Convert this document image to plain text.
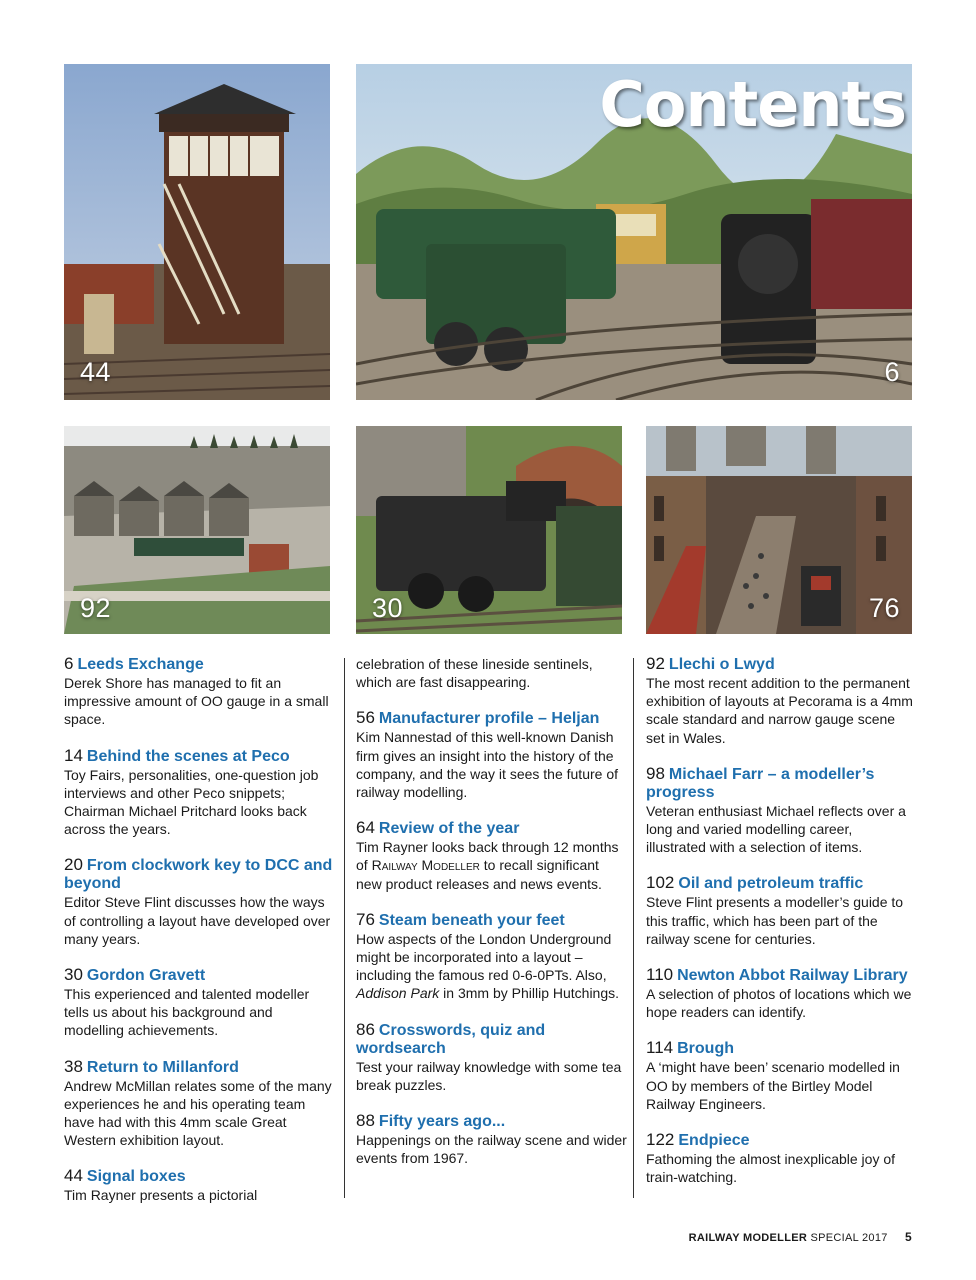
44	6
Contents
92	30	76
6 Leeds Exchange
Derek Shore has managed to fit an impressive amount of OO gauge in a small space.
14 Behind the scenes at Peco
Toy Fairs, personalities, one-question job interviews and other Peco snippets; Chairman Michael Pritchard looks back across the years.
20 From clockwork key to DCC and beyond
Editor Steve Flint discusses how the ways of controlling a layout have developed over many years.
30 Gordon Gravett
This experienced and talented modeller tells us about his background and modelling achievements.
38 Return to Millanford
Andrew McMillan relates some of the many experiences he and his operating team have had with this 4mm scale Great Western exhibition layout.
44 Signal boxes
Tim Rayner presents a pictorial
celebration of these lineside sentinels, which are fast disappearing.
56 Manufacturer profile – Heljan
Kim Nannestad of this well-known Danish firm gives an insight into the history of the company, and the way it sees the future of railway modelling.
64 Review of the year
Tim Rayner looks back through 12 months of Railway Modeller to recall significant new product releases and news events.
76 Steam beneath your feet
How aspects of the London Underground might be incorporated into a layout – including the famous red 0-6-0PTs. Also, Addison Park in 3mm by Phillip Hutchings.
86 Crosswords, quiz and wordsearch
Test your railway knowledge with some tea break puzzles.
88 Fifty years ago...
Happenings on the railway scene and wider events from 1967.
92 Llechi o Lwyd
The most recent addition to the permanent exhibition of layouts at Pecorama is a 4mm scale standard and narrow gauge scene set in Wales.
98 Michael Farr – a modeller’s progress
Veteran enthusiast Michael reflects over a long and varied modelling career, illustrated with a selection of items.
102 Oil and petroleum traffic
Steve Flint presents a modeller’s guide to this traffic, which has been part of the railway scene for centuries.
110 Newton Abbot Railway Library
A selection of photos of locations which we hope readers can identify.
114 Brough
A ‘might have been’ scenario modelled in OO by members of the Birtley Model Railway Engineers.
122 Endpiece
Fathoming the almost inexplicable joy of train-watching.
RAILWAY MODELLER SPECIAL 2017 5
